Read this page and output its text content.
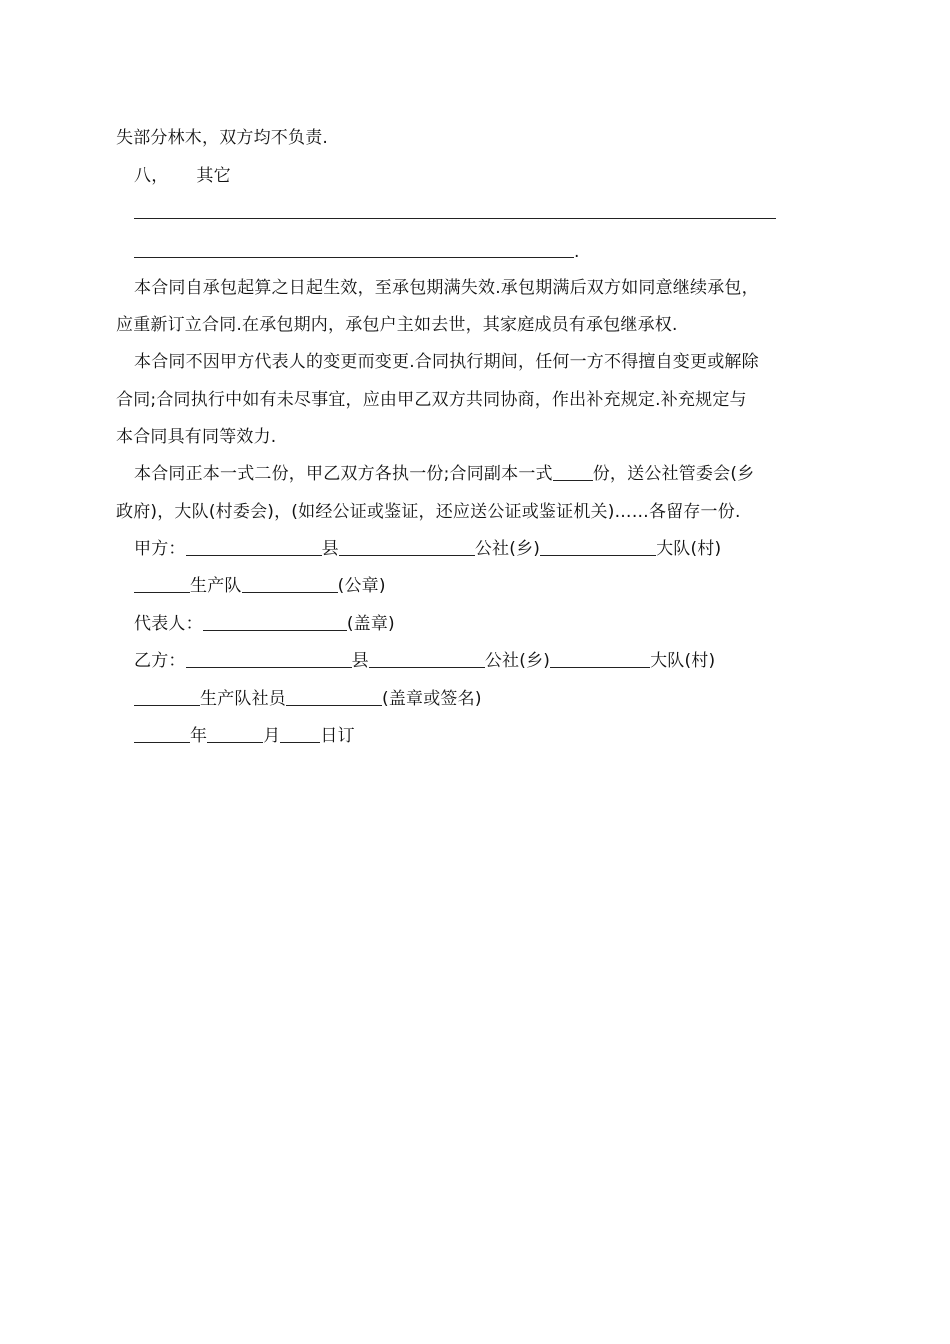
失部分林木，双方均不负责.
八， 其它
.
本合同自承包起算之日起生效，至承包期满失效.承包期满后双方如同意继续承包，
应重新订立合同.在承包期内，承包户主如去世，其家庭成员有承包继承权.
本合同不因甲方代表人的变更而变更.合同执行期间，任何一方不得擅自变更或解除
合同;合同执行中如有未尽事宜，应由甲乙双方共同协商，作出补充规定.补充规定与
本合同具有同等效力.
本合同正本一式二份，甲乙双方各执一份;合同副本一式 份，送公社管委会(乡
政府)，大队(村委会)，(如经公证或鉴证，还应送公证或鉴证机关)……各留存一份.
甲方：	县	公社(乡)	大队(村)
生产队	(公章)
代表人：	(盖章)
乙方：	县	公社(乡)	大队(村)
生产队社员	(盖章或签名)
年	月 日订
